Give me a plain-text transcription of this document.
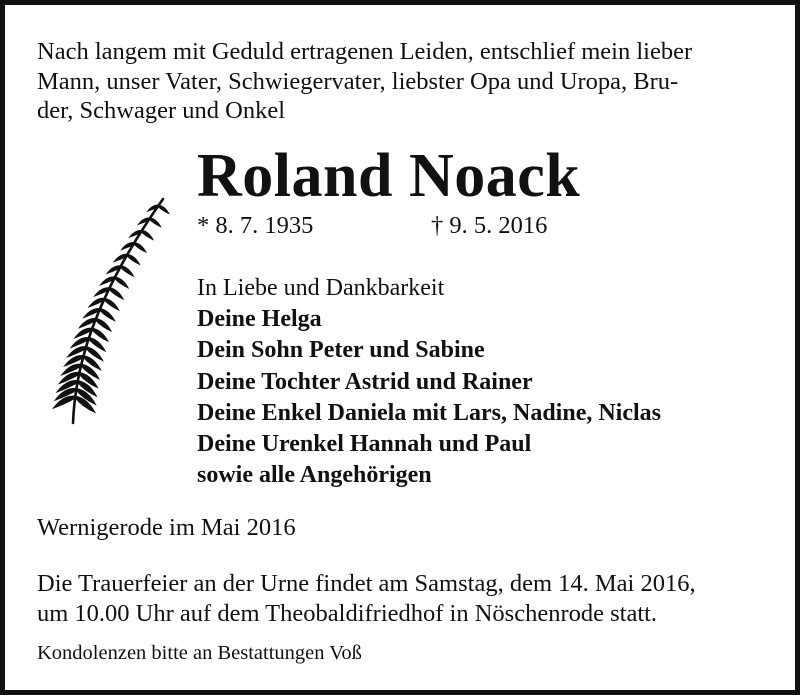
Nach langem mit Geduld ertragenen Leiden, entschlief mein lieber
Mann, unser Vater, Schwiegervater, liebster Opa und Uropa, Bru-
der, Schwager und Onkel
Roland Noack
* 8. 7. 1935	† 9. 5. 2016
In Liebe und Dankbarkeit
Deine Helga
Dein Sohn Peter und Sabine
Deine Tochter Astrid und Rainer
Deine Enkel Daniela mit Lars, Nadine, Niclas
Deine Urenkel Hannah und Paul
sowie alle Angehörigen
Wernigerode im Mai 2016
Die Trauerfeier an der Urne findet am Samstag, dem 14. Mai 2016,
um 10.00 Uhr auf dem Theobaldifriedhof in Nöschenrode statt.
Kondolenzen bitte an Bestattungen Voß
